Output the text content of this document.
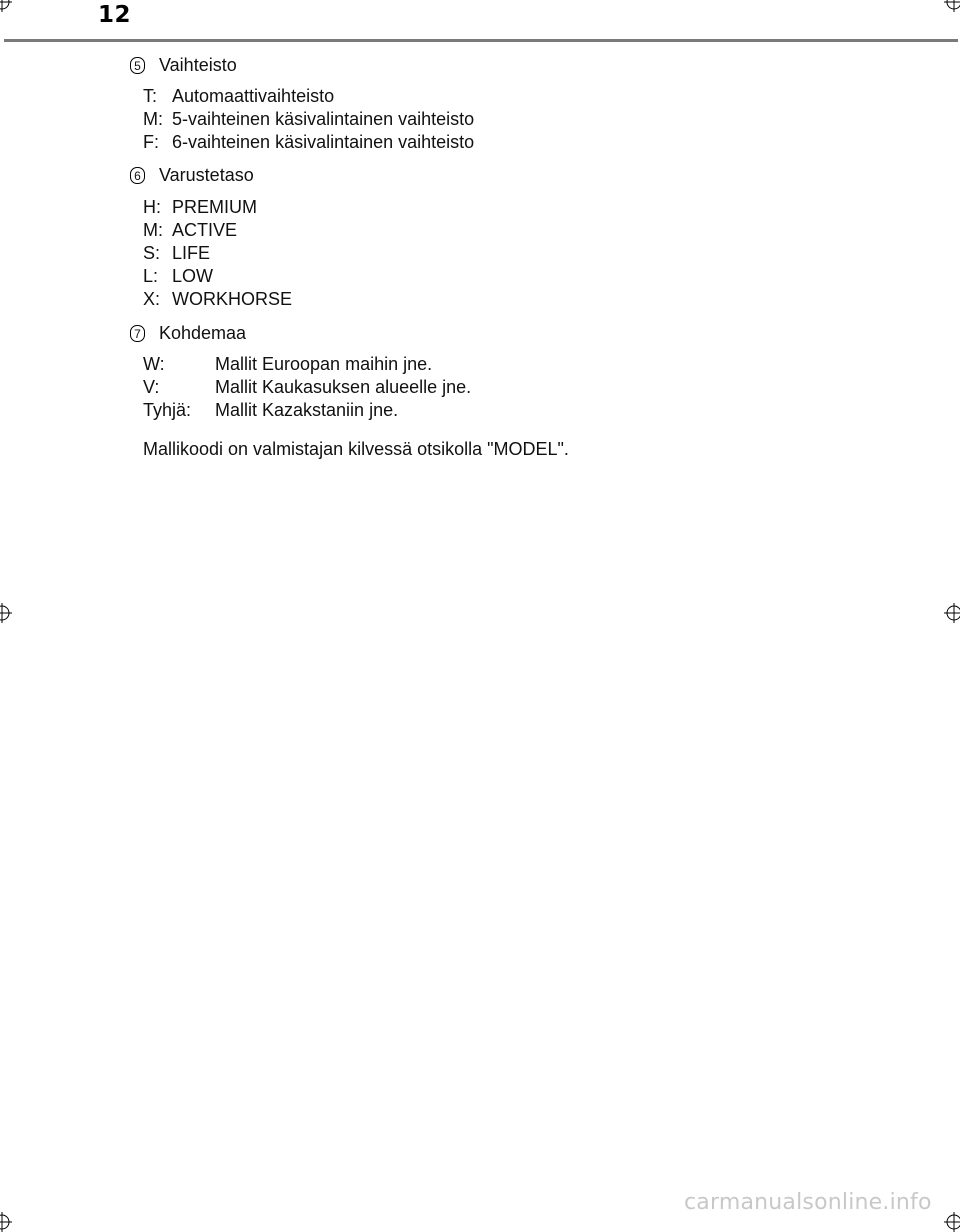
12
5 Vaihteisto
T: Automaattivaihteisto
M: 5-vaihteinen käsivalintainen vaihteisto
F: 6-vaihteinen käsivalintainen vaihteisto
6 Varustetaso
H: PREMIUM
M: ACTIVE
S: LIFE
L: LOW
X: WORKHORSE
7 Kohdemaa
W:	Mallit Euroopan maihin jne.
V:	Mallit Kaukasuksen alueelle jne.
Tyhjä:	Mallit Kazakstaniin jne.
Mallikoodi on valmistajan kilvessä otsikolla "MODEL".
carmanualsonline.info
